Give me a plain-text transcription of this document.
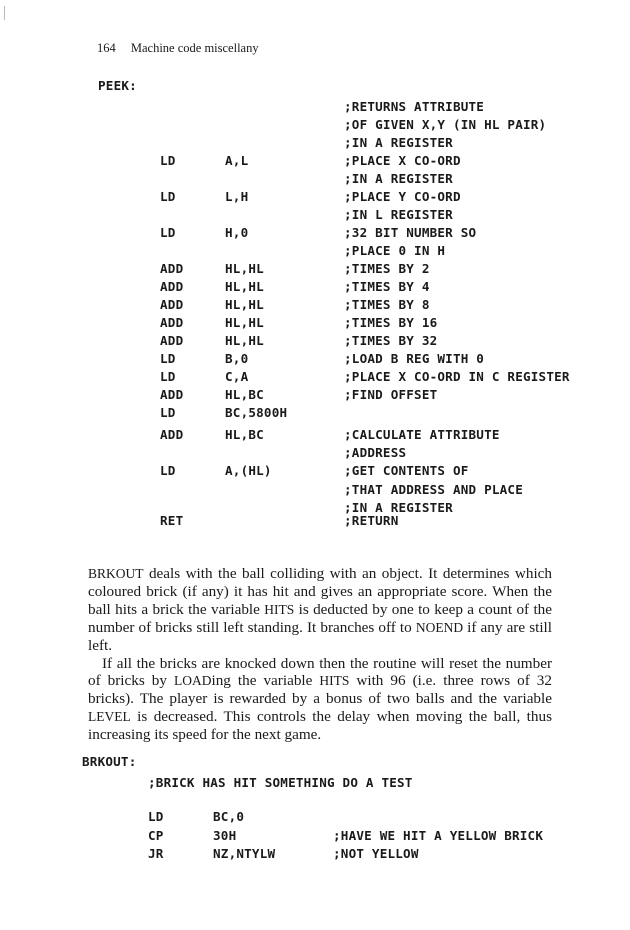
164 Machine code miscellany
PEEK:
;RETURNS ATTRIBUTE
;OF GIVEN X,Y (IN HL PAIR)
;IN A REGISTER
LD	A,L	;PLACE X CO-ORD
;IN A REGISTER
LD	L,H	;PLACE Y CO-ORD
;IN L REGISTER
LD	H,0	;32 BIT NUMBER SO
;PLACE 0 IN H
ADD	HL,HL	;TIMES BY 2
ADD	HL,HL	;TIMES BY 4
ADD	HL,HL	;TIMES BY 8
ADD	HL,HL	;TIMES BY 16
ADD	HL,HL	;TIMES BY 32
LD	B,0	;LOAD B REG WITH 0
LD	C,A	;PLACE X CO-ORD IN C REGISTER
ADD	HL,BC	;FIND OFFSET
LD	BC,5800H
ADD	HL,BC	;CALCULATE ATTRIBUTE
;ADDRESS
LD	A,(HL)	;GET CONTENTS OF
;THAT ADDRESS AND PLACE
;IN A REGISTER
RET	;RETURN

BRKOUT deals with the ball colliding with an object. It determines which coloured brick (if any) it has hit and gives an appropriate score. When the ball hits a brick the variable HITS is deducted by one to keep a count of the number of bricks still left standing. It branches off to NOEND if any are still left.

If all the bricks are knocked down then the routine will reset the number of bricks by LOADing the variable HITS with 96 (i.e. three rows of 32 bricks). The player is rewarded by a bonus of two balls and the variable LEVEL is decreased. This controls the delay when moving the ball, thus increasing its speed for the next game.

BRKOUT:
;BRICK HAS HIT SOMETHING DO A TEST
LD	BC,0
CP	30H	;HAVE WE HIT A YELLOW BRICK
JR	NZ,NTYLW	;NOT YELLOW
